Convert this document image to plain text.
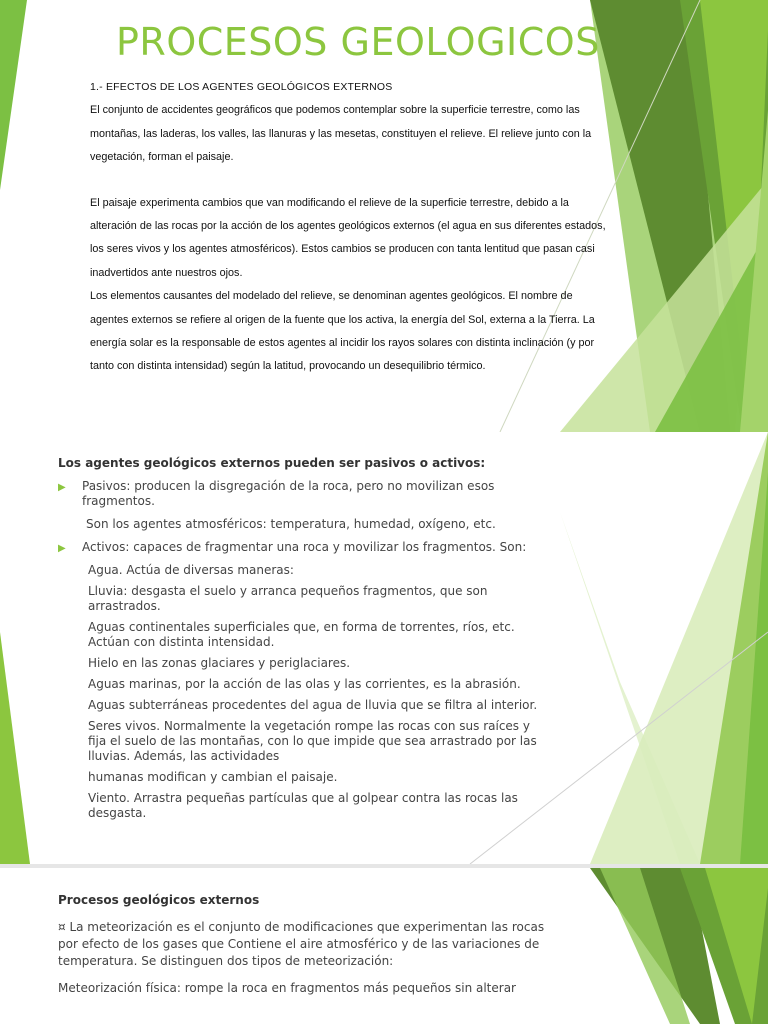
PROCESOS GEOLOGICOS

1.- EFECTOS DE LOS AGENTES GEOLÓGICOS EXTERNOS

El conjunto de accidentes geográficos que podemos contemplar sobre la superficie terrestre, como las montañas, las laderas, los valles, las llanuras y las mesetas, constituyen el relieve. El relieve junto con la vegetación, forman el paisaje.

El paisaje experimenta cambios que van modificando el relieve de la superficie terrestre, debido a la alteración de las rocas por la acción de los agentes geológicos externos (el agua en sus diferentes estados, los seres vivos y los agentes atmosféricos). Estos cambios se producen con tanta lentitud que pasan casi inadvertidos ante nuestros ojos.

Los elementos causantes del modelado del relieve, se denominan agentes geológicos. El nombre de agentes externos se refiere al origen de la fuente que los activa, la energía del Sol, externa a la Tierra. La energía solar es la responsable de estos agentes al incidir los rayos solares con distinta inclinación (y por tanto con distinta intensidad) según la latitud, provocando un desequilibrio térmico.

Los agentes geológicos externos pueden ser pasivos o activos:

▶ Pasivos: producen la disgregación de la roca, pero no movilizan esos fragmentos.

Son los agentes atmosféricos: temperatura, humedad, oxígeno, etc.

▶ Activos: capaces de fragmentar una roca y movilizar los fragmentos. Son:

Agua. Actúa de diversas maneras:

Lluvia: desgasta el suelo y arranca pequeños fragmentos, que son arrastrados.

Aguas continentales superficiales que, en forma de torrentes, ríos, etc. Actúan con distinta intensidad.

Hielo en las zonas glaciares y periglaciares.

Aguas marinas, por la acción de las olas y las corrientes, es la abrasión.

Aguas subterráneas procedentes del agua de lluvia que se filtra al interior.

Seres vivos. Normalmente la vegetación rompe las rocas con sus raíces y fija el suelo de las montañas, con lo que impide que sea arrastrado por las lluvias. Además, las actividades

humanas modifican y cambian el paisaje.

Viento. Arrastra pequeñas partículas que al golpear contra las rocas las desgasta.

Procesos geológicos externos

¤ La meteorización es el conjunto de modificaciones que experimentan las rocas por efecto de los gases que Contiene el aire atmosférico y de las variaciones de temperatura. Se distinguen dos tipos de meteorización:

Meteorización física: rompe la roca en fragmentos más pequeños sin alterar
